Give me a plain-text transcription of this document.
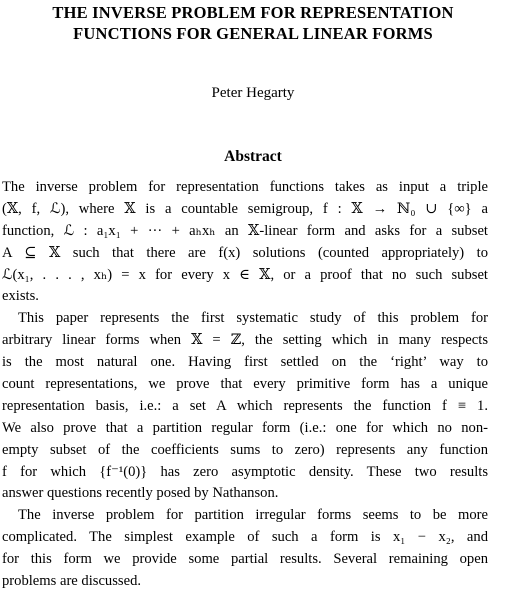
THE INVERSE PROBLEM FOR REPRESENTATION
FUNCTIONS FOR GENERAL LINEAR FORMS
Peter Hegarty
Abstract
The inverse problem for representation functions takes as input a triple
(𝕏, f, ℒ), where 𝕏 is a countable semigroup, f : 𝕏 → ℕ₀ ∪ {∞} a
function, ℒ : a₁x₁ + ··· + aₕxₕ an 𝕏-linear form and asks for a subset
A ⊆ 𝕏 such that there are f(x) solutions (counted appropriately) to
ℒ(x₁, . . . , xₕ) = x for every x ∈ 𝕏, or a proof that no such subset
exists.
This paper represents the first systematic study of this problem for
arbitrary linear forms when 𝕏 = ℤ, the setting which in many respects
is the most natural one. Having first settled on the ‘right’ way to
count representations, we prove that every primitive form has a unique
representation basis, i.e.: a set A which represents the function f ≡ 1.
We also prove that a partition regular form (i.e.: one for which no non-
empty subset of the coefficients sums to zero) represents any function
f for which {f⁻¹(0)} has zero asymptotic density. These two results
answer questions recently posed by Nathanson.
The inverse problem for partition irregular forms seems to be more
complicated. The simplest example of such a form is x₁ − x₂, and
for this form we provide some partial results. Several remaining open
problems are discussed.
